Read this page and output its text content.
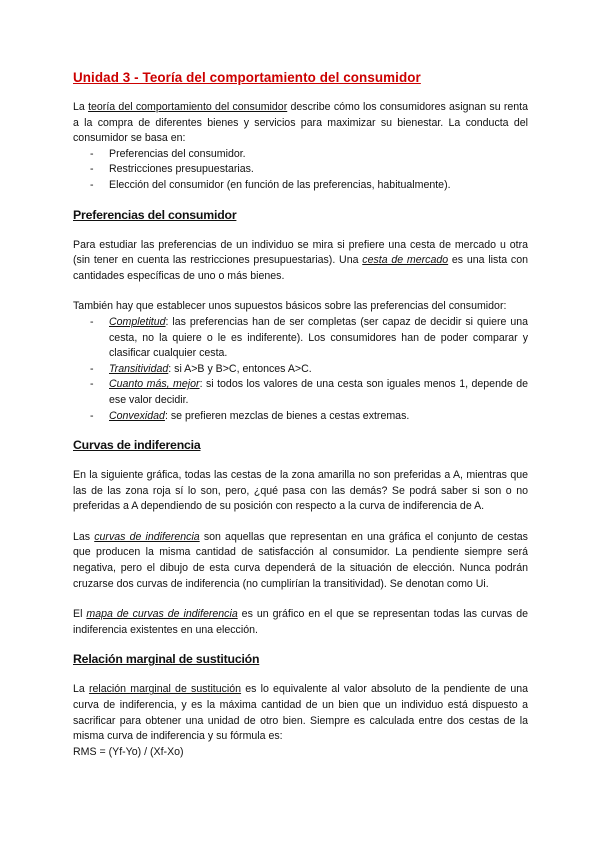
Unidad 3 - Teoría del comportamiento del consumidor

La teoría del comportamiento del consumidor describe cómo los consumidores asignan su renta a la compra de diferentes bienes y servicios para maximizar su bienestar. La conducta del consumidor se basa en:

- Preferencias del consumidor.
- Restricciones presupuestarias.
- Elección del consumidor (en función de las preferencias, habitualmente).
Preferencias del consumidor

Para estudiar las preferencias de un individuo se mira si prefiere una cesta de mercado u otra (sin tener en cuenta las restricciones presupuestarias). Una cesta de mercado es una lista con cantidades específicas de uno o más bienes.

También hay que establecer unos supuestos básicos sobre las preferencias del consumidor:

- Completitud: las preferencias han de ser completas (ser capaz de decidir si quiere una cesta, no la quiere o le es indiferente). Los consumidores han de poder comparar y clasificar cualquier cesta.
- Transitividad: si A>B y B>C, entonces A>C.
- Cuanto más, mejor: si todos los valores de una cesta son iguales menos 1, depende de ese valor decidir.
- Convexidad: se prefieren mezclas de bienes a cestas extremas.
Curvas de indiferencia

En la siguiente gráfica, todas las cestas de la zona amarilla no son preferidas a A, mientras que las de las zona roja sí lo son, pero, ¿qué pasa con las demás? Se podrá saber si son o no preferidas a A dependiendo de su posición con respecto a la curva de indiferencia de A.

Las curvas de indiferencia son aquellas que representan en una gráfica el conjunto de cestas que producen la misma cantidad de satisfacción al consumidor. La pendiente siempre será negativa, pero el dibujo de esta curva dependerá de la situación de elección. Nunca podrán cruzarse dos curvas de indiferencia (no cumplirían la transitividad). Se denotan como Ui.

El mapa de curvas de indiferencia es un gráfico en el que se representan todas las curvas de indiferencia existentes en una elección.

Relación marginal de sustitución

La relación marginal de sustitución es lo equivalente al valor absoluto de la pendiente de una curva de indiferencia, y es la máxima cantidad de un bien que un individuo está dispuesto a sacrificar para obtener una unidad de otro bien. Siempre es calculada entre dos cestas de la misma curva de indiferencia y su fórmula es:

RMS = (Yf-Yo) / (Xf-Xo)
